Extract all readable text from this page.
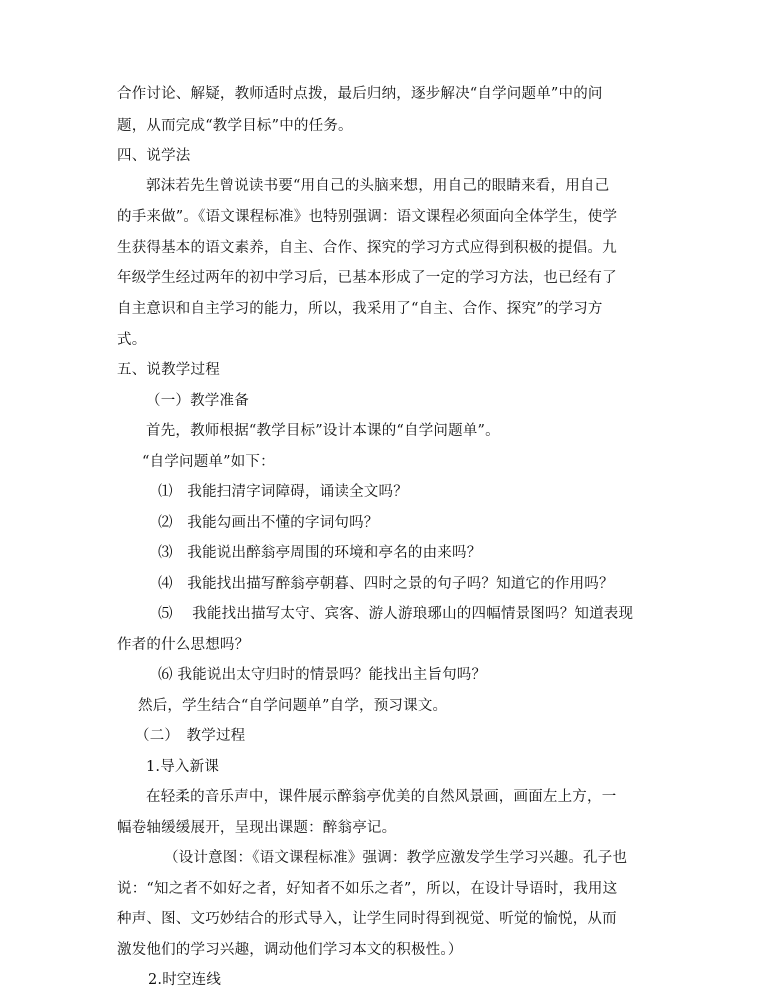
合作讨论、解疑，教师适时点拨，最后归纳，逐步解决“自学问题单”中的问
题，从而完成“教学目标”中的任务。
四、说学法
郭沫若先生曾说读书要“用自己的头脑来想，用自己的眼睛来看，用自己
的手来做”。《语文课程标准》也特别强调：语文课程必须面向全体学生，使学
生获得基本的语文素养，自主、合作、探究的学习方式应得到积极的提倡。九
年级学生经过两年的初中学习后，已基本形成了一定的学习方法，也已经有了
自主意识和自主学习的能力，所以，我采用了“自主、合作、探究”的学习方
式。
五、说教学过程
（一）教学准备
首先，教师根据“教学目标”设计本课的“自学问题单”。
“自学问题单”如下：
⑴　我能扫清字词障碍，诵读全文吗？
⑵　我能勾画出不懂的字词句吗？
⑶　我能说出醉翁亭周围的环境和亭名的由来吗？
⑷　我能找出描写醉翁亭朝暮、四时之景的句子吗？知道它的作用吗？
⑸　 我能找出描写太守、宾客、游人游琅琊山的四幅情景图吗？知道表现
作者的什么思想吗？
⑹ 我能说出太守归时的情景吗？能找出主旨句吗？
然后，学生结合“自学问题单”自学，预习课文。
（二）　教学过程
1.导入新课
在轻柔的音乐声中，课件展示醉翁亭优美的自然风景画，画面左上方，一
幅卷轴缓缓展开，呈现出课题：醉翁亭记。
（设计意图：《语文课程标准》强调：教学应激发学生学习兴趣。孔子也
说：“知之者不如好之者，好知者不如乐之者”，所以，在设计导语时，我用这
种声、图、文巧妙结合的形式导入，让学生同时得到视觉、听觉的愉悦，从而
激发他们的学习兴趣，调动他们学习本文的积极性。）
2.时空连线
